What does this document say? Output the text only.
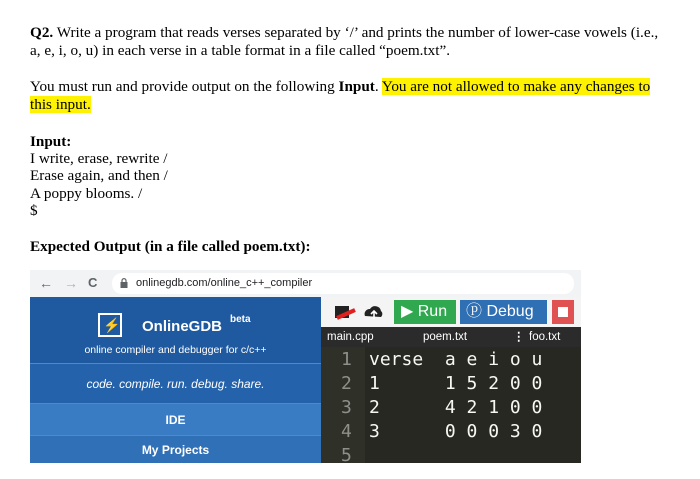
Q2. Write a program that reads verses separated by ‘/’ and prints the number of lower-case vowels (i.e.,
a, e, i, o, u) in each verse in a table format in a file called “poem.txt”.
You must run and provide output on the following Input. You are not allowed to make any changes to
this input.
Input:
I write, erase, rewrite /
Erase again, and then /
A poppy blooms. /
$
Expected Output (in a file called poem.txt):
← → C	onlinegdb.com/online_c++_compiler
⚡ OnlineGDB beta
online compiler and debugger for c/c++
code. compile. run. debug. share.
IDE
My Projects
▶ Run	ⓟ Debug
main.cpp	poem.txt	⋮ foo.txt
1
2
3
4
5
verse  a e i o u
1      1 5 2 0 0
2      4 2 1 0 0
3      0 0 0 3 0
